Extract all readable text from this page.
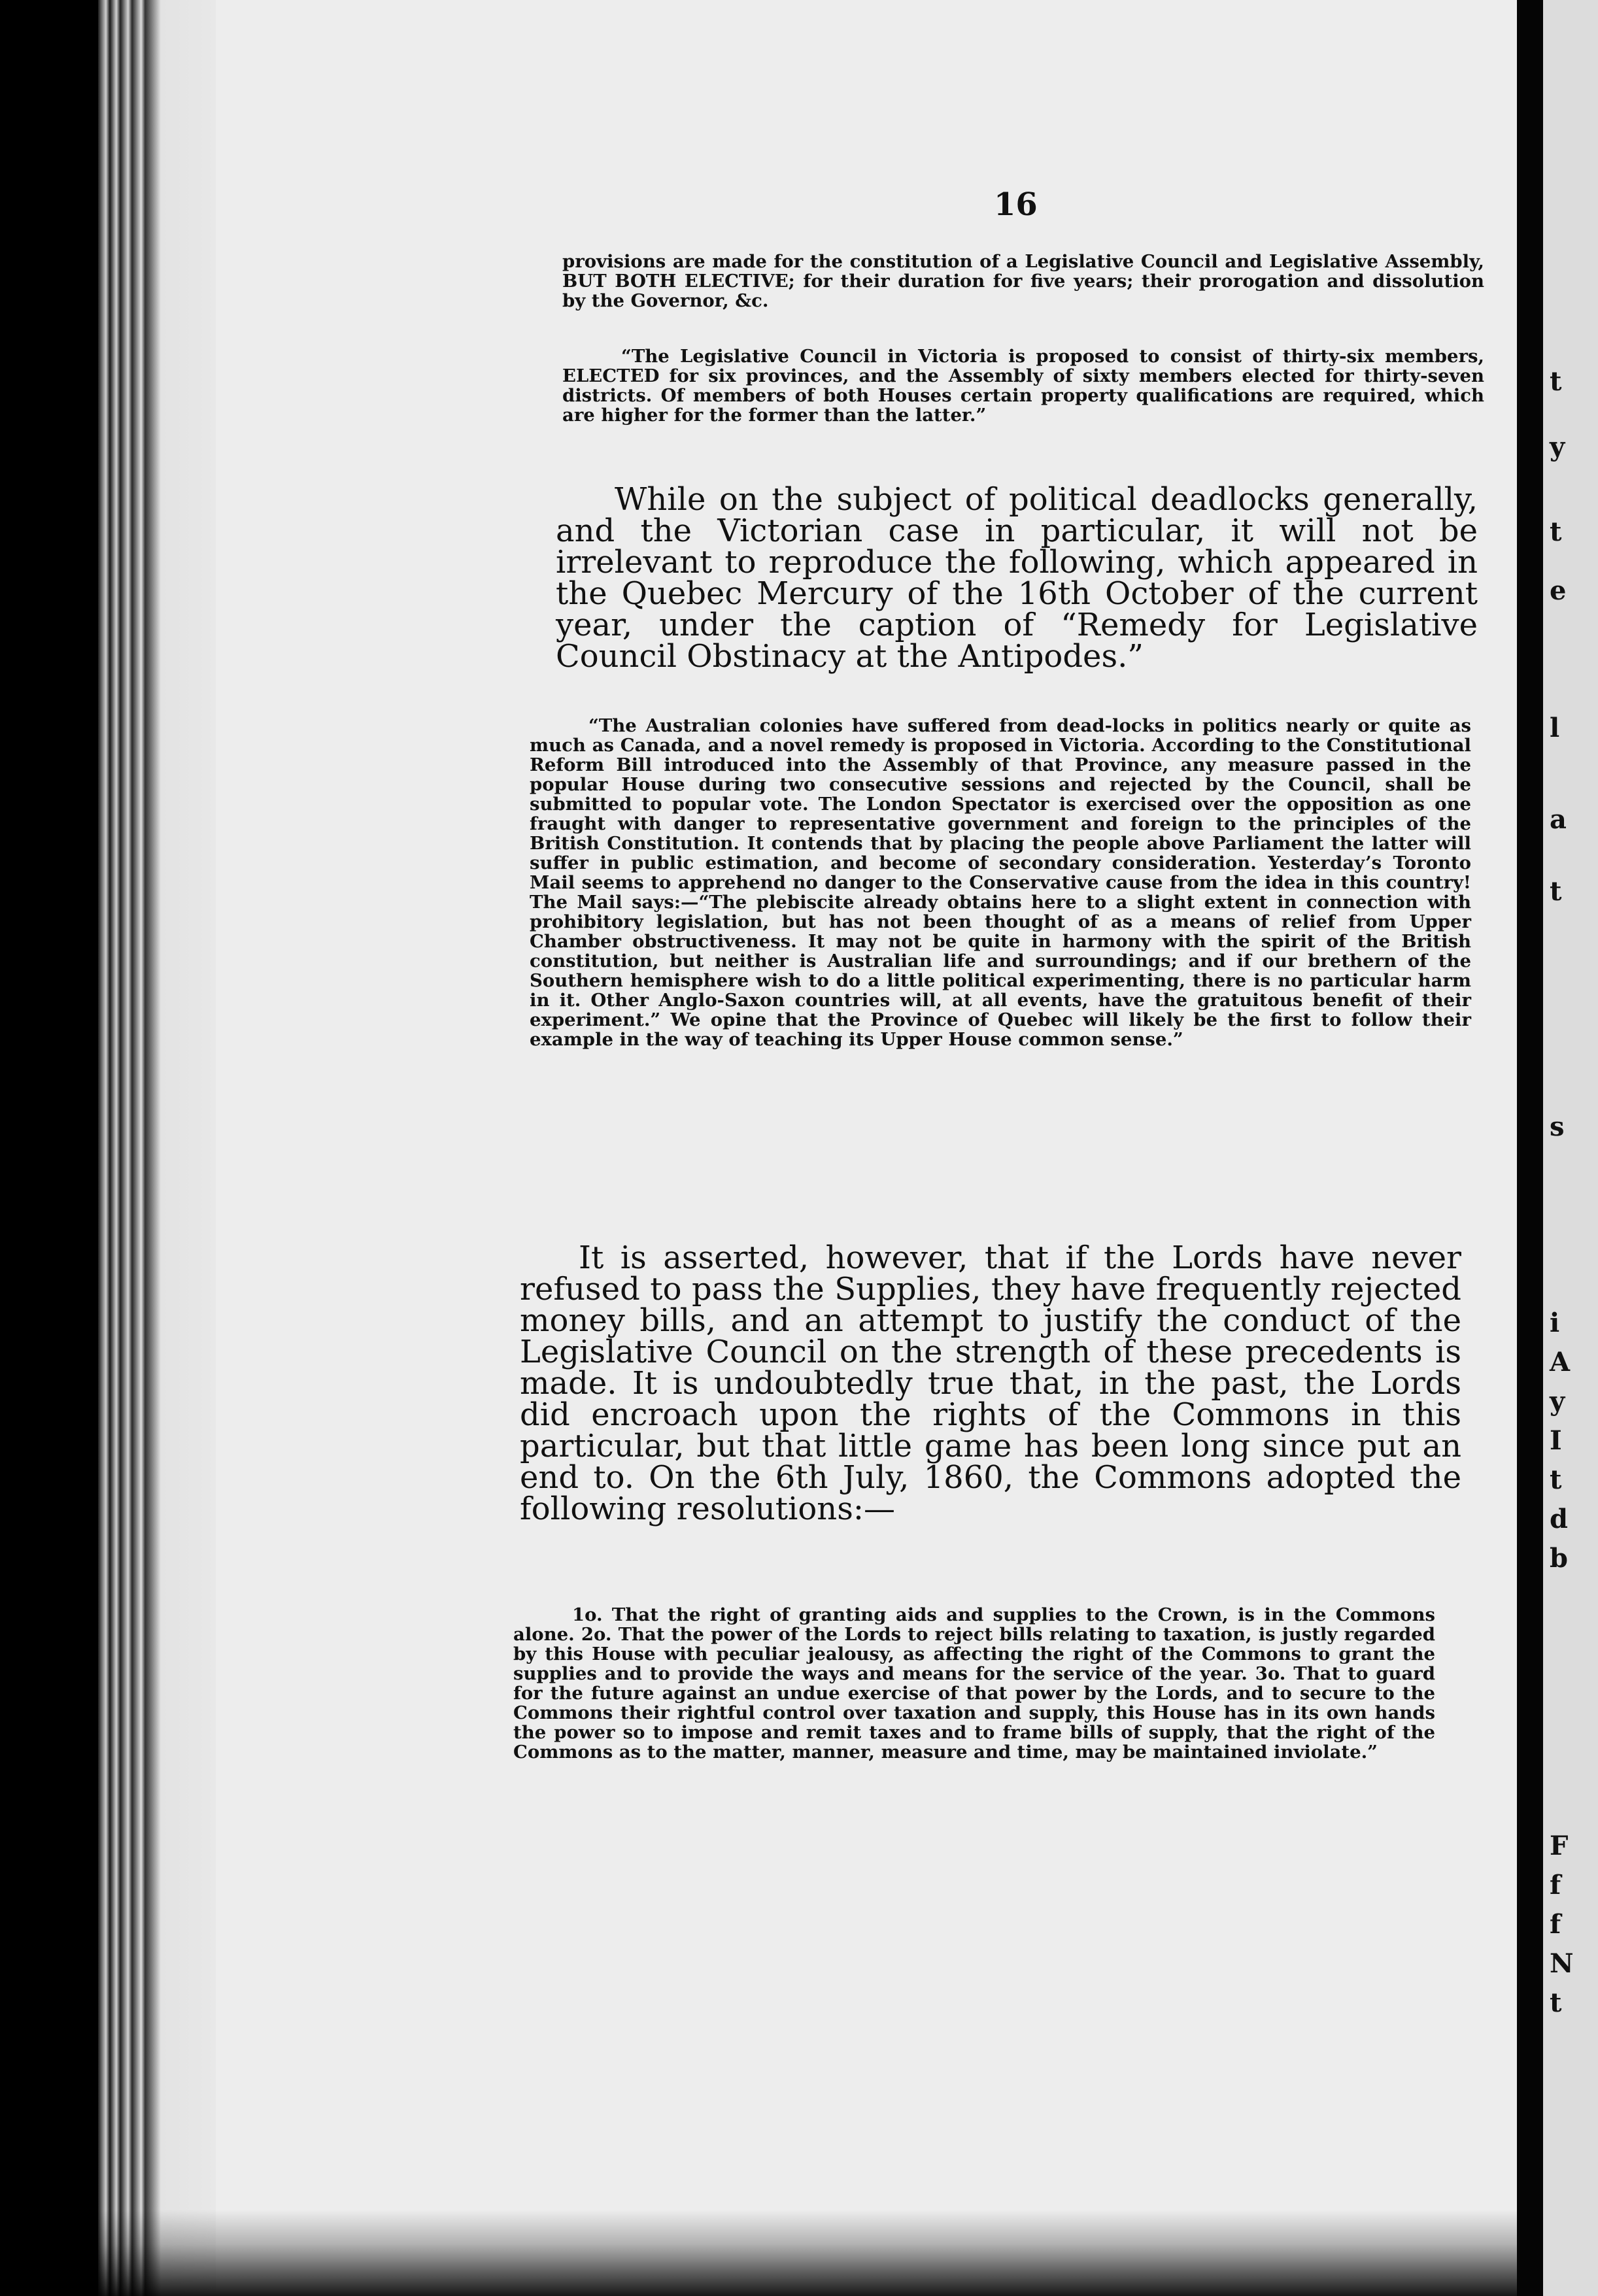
t
y
t
e
l
a
t
s
i
A
y
I
t
d
b
F
f
f
N
t
16

provisions are made for the constitution of a Legislative Council and Legislative Assembly, BUT BOTH ELECTIVE; for their duration for five years; their prorogation and dissolution by the Governor, &c.

“The Legislative Council in Victoria is proposed to consist of thirty-six members, ELECTED for six provinces, and the Assembly of sixty members elected for thirty-seven districts. Of members of both Houses certain property qualifications are required, which are higher for the former than the latter.”

While on the subject of political deadlocks generally, and the Victorian case in particular, it will not be irrelevant to reproduce the following, which appeared in the Quebec Mercury of the 16th October of the current year, under the caption of “Remedy for Legislative Council Obstinacy at the Antipodes.”

“The Australian colonies have suffered from dead-locks in politics nearly or quite as much as Canada, and a novel remedy is proposed in Victoria. According to the Constitutional Reform Bill introduced into the Assembly of that Province, any measure passed in the popular House during two consecutive sessions and rejected by the Council, shall be submitted to popular vote. The London Spectator is exercised over the opposition as one fraught with danger to representative government and foreign to the principles of the British Constitution. It contends that by placing the people above Parliament the latter will suffer in public estimation, and become of secondary consideration. Yesterday’s Toronto Mail seems to apprehend no danger to the Conservative cause from the idea in this country! The Mail says:—“The plebiscite already obtains here to a slight extent in connection with prohibitory legislation, but has not been thought of as a means of relief from Upper Chamber obstructiveness. It may not be quite in harmony with the spirit of the British constitution, but neither is Australian life and surroundings; and if our brethern of the Southern hemisphere wish to do a little political experimenting, there is no particular harm in it. Other Anglo-Saxon countries will, at all events, have the gratuitous benefit of their experiment.” We opine that the Province of Quebec will likely be the first to follow their example in the way of teaching its Upper House common sense.”

It is asserted, however, that if the Lords have never refused to pass the Supplies, they have frequently rejected money bills, and an attempt to justify the conduct of the Legislative Council on the strength of these precedents is made. It is undoubtedly true that, in the past, the Lords did encroach upon the rights of the Commons in this particular, but that little game has been long since put an end to. On the 6th July, 1860, the Commons adopted the following resolutions:—

1o. That the right of granting aids and supplies to the Crown, is in the Commons alone. 2o. That the power of the Lords to reject bills relating to taxation, is justly regarded by this House with peculiar jealousy, as affecting the right of the Commons to grant the supplies and to provide the ways and means for the service of the year. 3o. That to guard for the future against an undue exercise of that power by the Lords, and to secure to the Commons their rightful control over taxation and supply, this House has in its own hands the power so to impose and remit taxes and to frame bills of supply, that the right of the Commons as to the matter, manner, measure and time, may be maintained inviolate.”
